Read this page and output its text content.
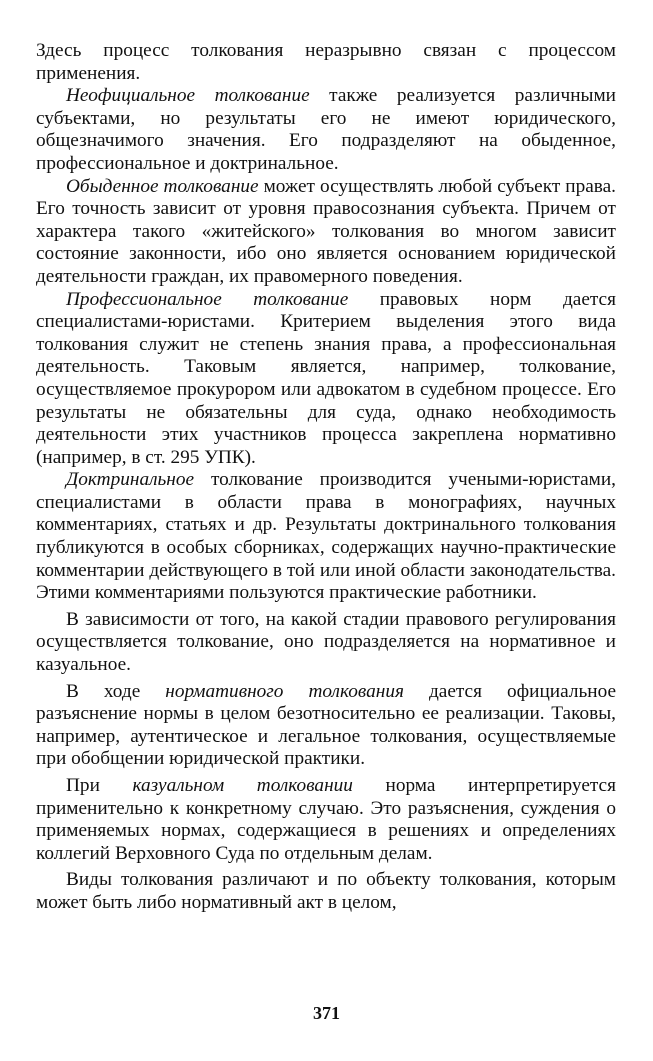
Здесь процесс толкования неразрывно связан с процессом применения.

Неофициальное толкование также реализуется различными субъектами, но результаты его не имеют юридического, общезначимого значения. Его подразделяют на обыденное, профессиональное и доктринальное.

Обыденное толкование может осуществлять любой субъект права. Его точность зависит от уровня правосознания субъекта. Причем от характера такого «житейского» толкования во многом зависит состояние законности, ибо оно является основанием юридической деятельности граждан, их правомерного поведения.

Профессиональное толкование правовых норм дается специалистами-юристами. Критерием выделения этого вида толкования служит не степень знания права, а профессиональная деятельность. Таковым является, например, толкование, осуществляемое прокурором или адвокатом в судебном процессе. Его результаты не обязательны для суда, однако необходимость деятельности этих участников процесса закреплена нормативно (например, в ст. 295 УПК).

Доктринальное толкование производится учеными-юристами, специалистами в области права в монографиях, научных комментариях, статьях и др. Результаты доктринального толкования публикуются в особых сборниках, содержащих научно-практические комментарии действующего в той или иной области законодательства. Этими комментариями пользуются практические работники.

В зависимости от того, на какой стадии правового регулирования осуществляется толкование, оно подразделяется на нормативное и казуальное.

В ходе нормативного толкования дается официальное разъяснение нормы в целом безотносительно ее реализации. Таковы, например, аутентическое и легальное толкования, осуществляемые при обобщении юридической практики.

При казуальном толковании норма интерпретируется применительно к конкретному случаю. Это разъяснения, суждения о применяемых нормах, содержащиеся в решениях и определениях коллегий Верховного Суда по отдельным делам.

Виды толкования различают и по объекту толкования, которым может быть либо нормативный акт в целом,

371
